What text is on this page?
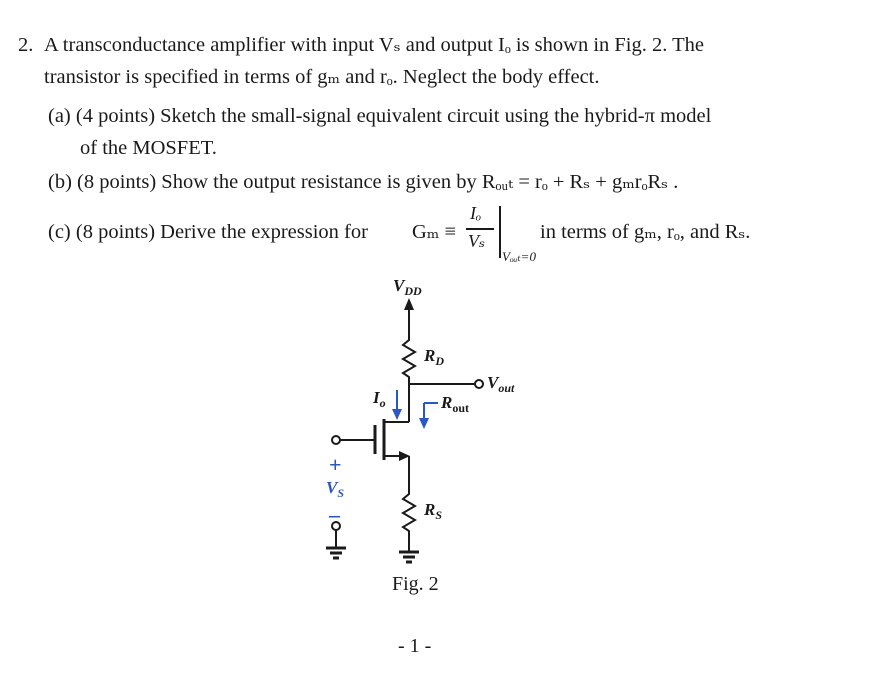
2. A transconductance amplifier with input Vₛ and output Iₒ is shown in Fig. 2. The
transistor is specified in terms of gₘ and rₒ. Neglect the body effect.
(a) (4 points) Sketch the small-signal equivalent circuit using the hybrid-π model
of the MOSFET.
(b) (8 points) Show the output resistance is given by Rₒᵤₜ = rₒ + Rₛ + gₘrₒRₛ .
(c) (8 points) Derive the expression for Gₘ ≡
Iₒ
Vₛ
Vₒᵤₜ=0
in terms of gₘ, rₒ, and Rₛ.
$V_{DD}$
$R_D$
$V_{out}$
$I_o$	$R_{out}$
+
$V_S$
–	$R_S$
Fig. 2
- 1 -
